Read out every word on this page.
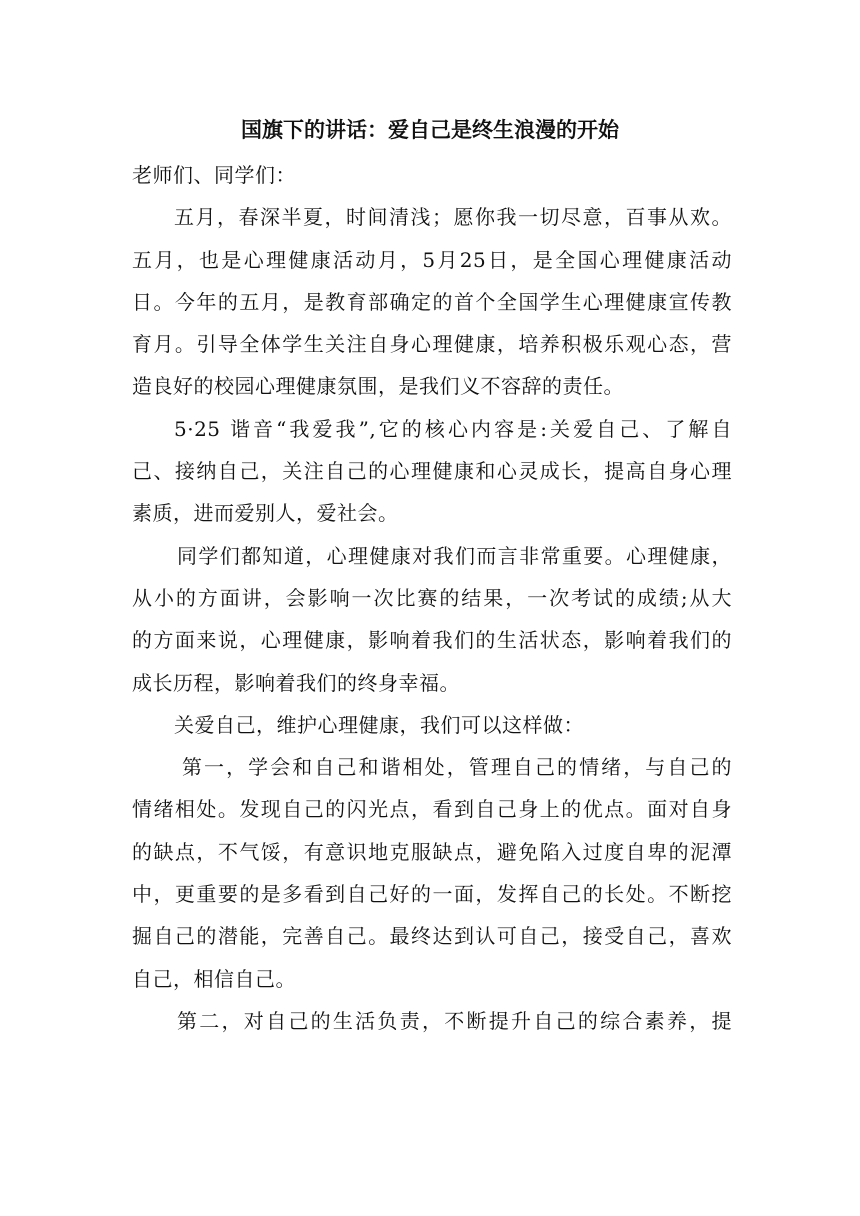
国旗下的讲话：爱自己是终生浪漫的开始

老师们、同学们：

五月，春深半夏，时间清浅；愿你我一切尽意，百事从欢。
五月，也是心理健康活动月，5月25日，是全国心理健康活动
日。今年的五月，是教育部确定的首个全国学生心理健康宣传教
育月。引导全体学生关注自身心理健康，培养积极乐观心态，营
造良好的校园心理健康氛围，是我们义不容辞的责任。

5·25 谐音“我爱我”,它的核心内容是:关爱自己、了解自
己、接纳自己，关注自己的心理健康和心灵成长，提高自身心理
素质，进而爱别人，爱社会。

同学们都知道，心理健康对我们而言非常重要。心理健康，
从小的方面讲，会影响一次比赛的结果，一次考试的成绩;从大
的方面来说，心理健康，影响着我们的生活状态，影响着我们的
成长历程，影响着我们的终身幸福。

关爱自己，维护心理健康，我们可以这样做：

第一，学会和自己和谐相处，管理自己的情绪，与自己的
情绪相处。发现自己的闪光点，看到自己身上的优点。面对自身
的缺点，不气馁，有意识地克服缺点，避免陷入过度自卑的泥潭
中，更重要的是多看到自己好的一面，发挥自己的长处。不断挖
掘自己的潜能，完善自己。最终达到认可自己，接受自己，喜欢
自己，相信自己。

第二，对自己的生活负责，不断提升自己的综合素养，提
